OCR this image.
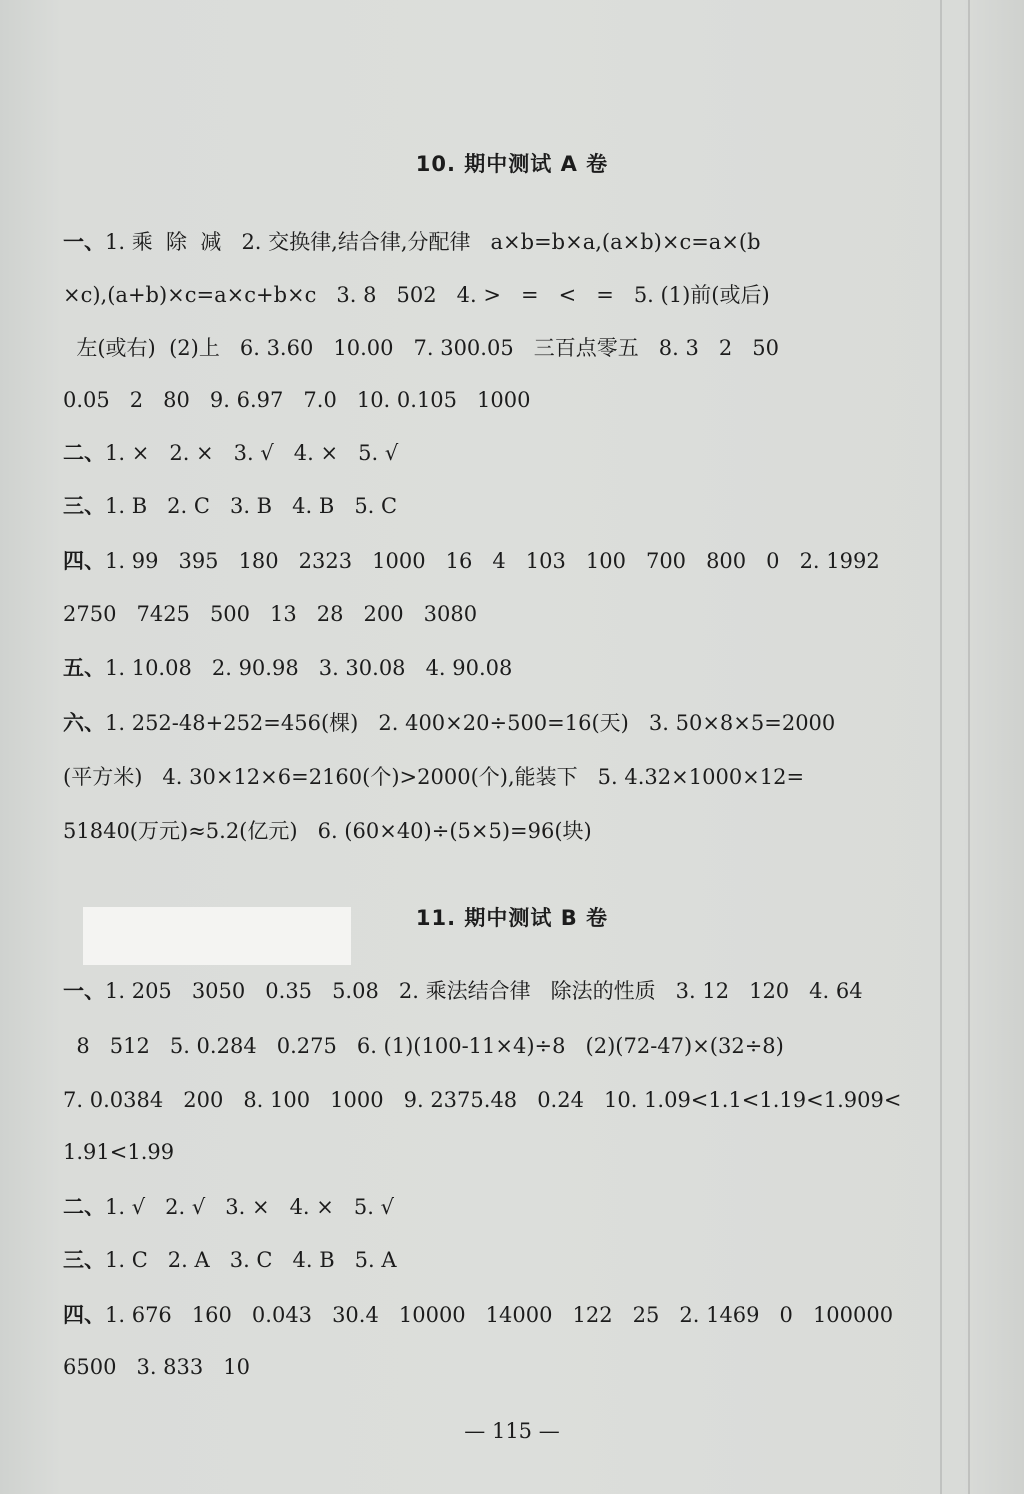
10. 期中测试 A 卷
一、1. 乘  除  减   2. 交换律,结合律,分配律   a×b=b×a,(a×b)×c=a×(b
×c),(a+b)×c=a×c+b×c   3. 8   502   4. >   =   <   =   5. (1)前(或后)
左(或右)  (2)上   6. 3.60   10.00   7. 300.05   三百点零五   8. 3   2   50
0.05   2   80   9. 6.97   7.0   10. 0.105   1000
二、1. ×   2. ×   3. √   4. ×   5. √
三、1. B   2. C   3. B   4. B   5. C
四、1. 99   395   180   2323   1000   16   4   103   100   700   800   0   2. 1992
2750   7425   500   13   28   200   3080
五、1. 10.08   2. 90.98   3. 30.08   4. 90.08
六、1. 252-48+252=456(棵)   2. 400×20÷500=16(天)   3. 50×8×5=2000
(平方米)   4. 30×12×6=2160(个)>2000(个),能装下   5. 4.32×1000×12=
51840(万元)≈5.2(亿元)   6. (60×40)÷(5×5)=96(块)
11. 期中测试 B 卷
一、1. 205   3050   0.35   5.08   2. 乘法结合律   除法的性质   3. 12   120   4. 64
8   512   5. 0.284   0.275   6. (1)(100-11×4)÷8   (2)(72-47)×(32÷8)
7. 0.0384   200   8. 100   1000   9. 2375.48   0.24   10. 1.09<1.1<1.19<1.909<
1.91<1.99
二、1. √   2. √   3. ×   4. ×   5. √
三、1. C   2. A   3. C   4. B   5. A
四、1. 676   160   0.043   30.4   10000   14000   122   25   2. 1469   0   100000
6500   3. 833   10
— 115 —
